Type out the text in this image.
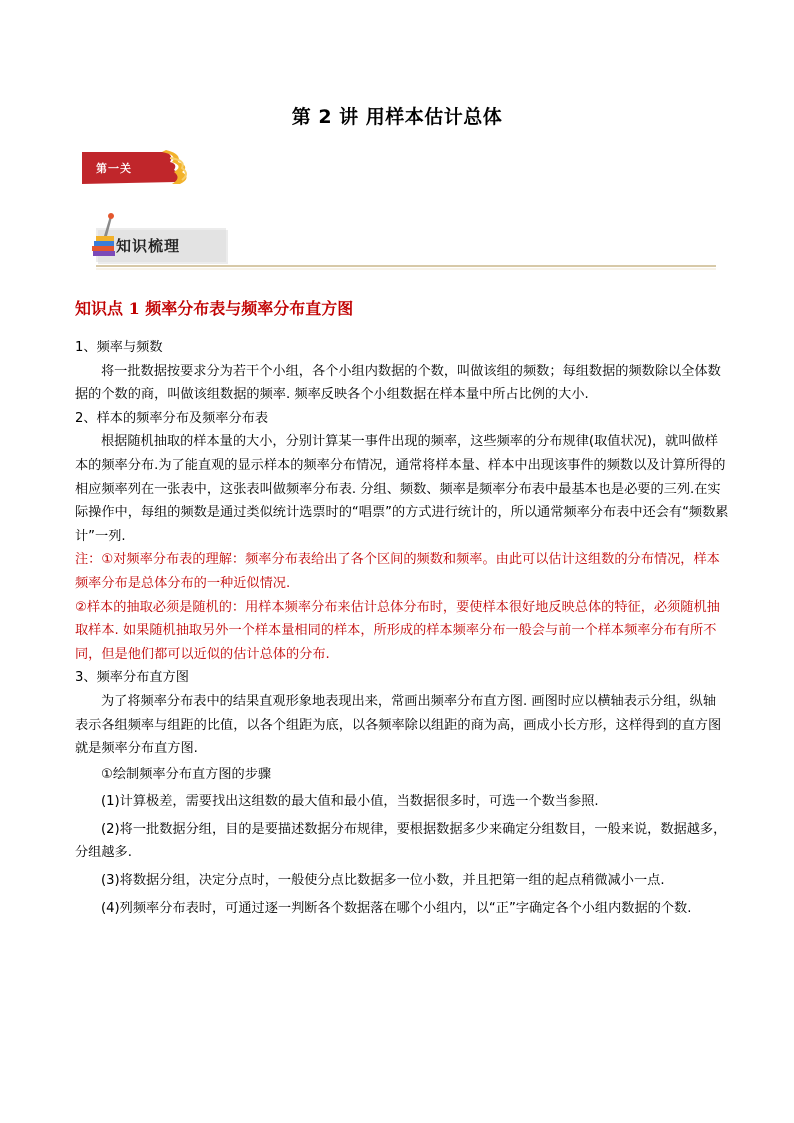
第 2 讲 用样本估计总体
第一关
知识梳理
知识点 1 频率分布表与频率分布直方图

1、频率与频数

将一批数据按要求分为若干个小组，各个小组内数据的个数，叫做该组的频数；每组数据的频数除以全体数据的个数的商，叫做该组数据的频率. 频率反映各个小组数据在样本量中所占比例的大小.

2、样本的频率分布及频率分布表

根据随机抽取的样本量的大小，分别计算某一事件出现的频率，这些频率的分布规律(取值状况)，就叫做样本的频率分布.为了能直观的显示样本的频率分布情况，通常将样本量、样本中出现该事件的频数以及计算所得的相应频率列在一张表中，这张表叫做频率分布表. 分组、频数、频率是频率分布表中最基本也是必要的三列.在实际操作中，每组的频数是通过类似统计选票时的“唱票”的方式进行统计的，所以通常频率分布表中还会有“频数累计”一列.

注：①对频率分布表的理解：频率分布表给出了各个区间的频数和频率。由此可以估计这组数的分布情况，样本频率分布是总体分布的一种近似情况.

②样本的抽取必须是随机的：用样本频率分布来估计总体分布时，要使样本很好地反映总体的特征，必须随机抽取样本. 如果随机抽取另外一个样本量相同的样本，所形成的样本频率分布一般会与前一个样本频率分布有所不同，但是他们都可以近似的估计总体的分布.

3、频率分布直方图

为了将频率分布表中的结果直观形象地表现出来，常画出频率分布直方图. 画图时应以横轴表示分组，纵轴表示各组频率与组距的比值，以各个组距为底，以各频率除以组距的商为高，画成小长方形，这样得到的直方图就是频率分布直方图.

①绘制频率分布直方图的步骤

(1)计算极差，需要找出这组数的最大值和最小值，当数据很多时，可选一个数当参照.

(2)将一批数据分组，目的是要描述数据分布规律，要根据数据多少来确定分组数目，一般来说，数据越多，分组越多.

(3)将数据分组，决定分点时，一般使分点比数据多一位小数，并且把第一组的起点稍微减小一点.

(4)列频率分布表时，可通过逐一判断各个数据落在哪个小组内，以“正”字确定各个小组内数据的个数.
